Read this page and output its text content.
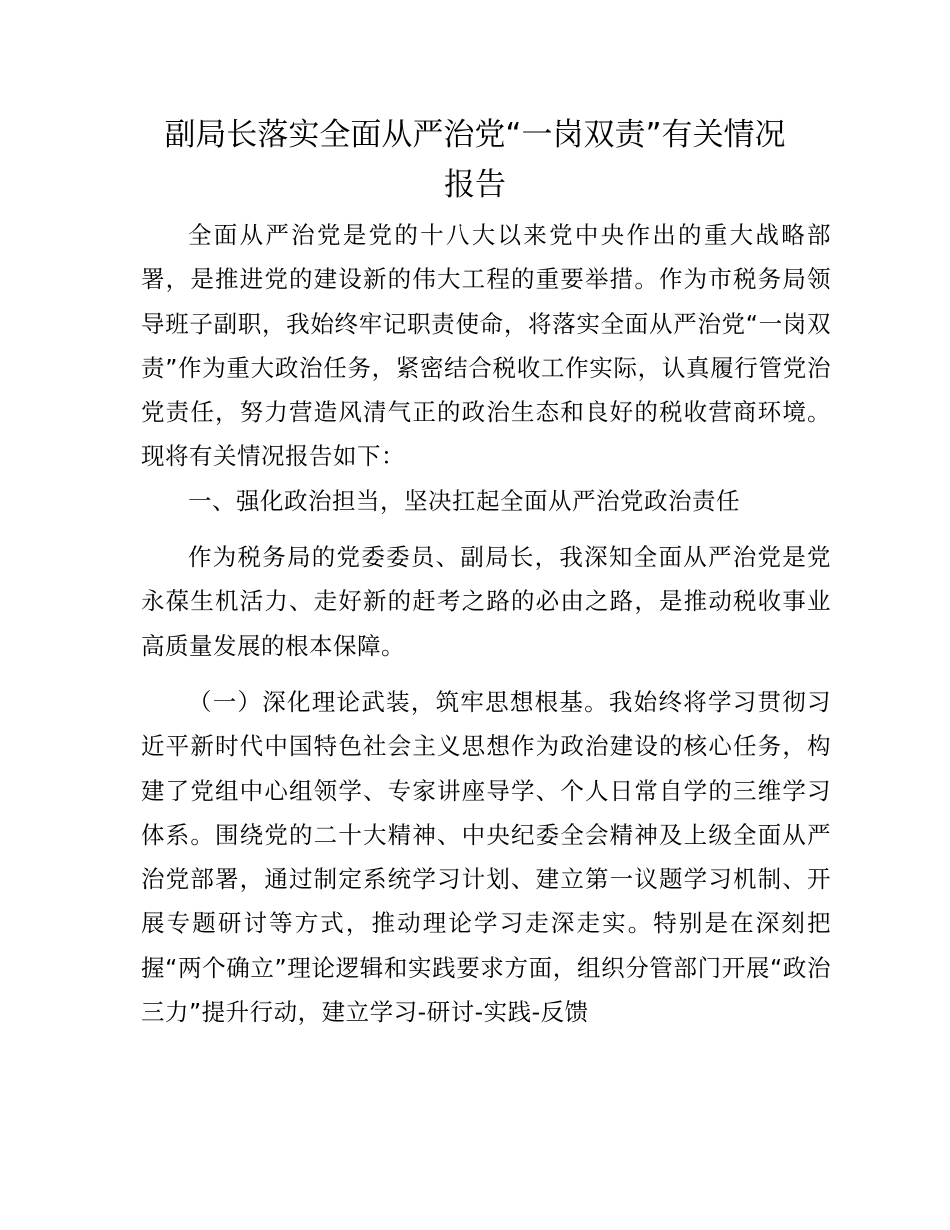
副局长落实全面从严治党“一岗双责”有关情况
报告

全面从严治党是党的十八大以来党中央作出的重大战略部署，是推进党的建设新的伟大工程的重要举措。作为市税务局领导班子副职，我始终牢记职责使命，将落实全面从严治党“一岗双责”作为重大政治任务，紧密结合税收工作实际，认真履行管党治党责任，努力营造风清气正的政治生态和良好的税收营商环境。现将有关情况报告如下：

一、强化政治担当，坚决扛起全面从严治党政治责任

作为税务局的党委委员、副局长，我深知全面从严治党是党永葆生机活力、走好新的赶考之路的必由之路，是推动税收事业高质量发展的根本保障。

（一）深化理论武装，筑牢思想根基。我始终将学习贯彻习近平新时代中国特色社会主义思想作为政治建设的核心任务，构建了党组中心组领学、专家讲座导学、个人日常自学的三维学习体系。围绕党的二十大精神、中央纪委全会精神及上级全面从严治党部署，通过制定系统学习计划、建立第一议题学习机制、开展专题研讨等方式，推动理论学习走深走实。特别是在深刻把握“两个确立”理论逻辑和实践要求方面，组织分管部门开展“政治三力”提升行动，建立学习-研讨-实践-反馈
